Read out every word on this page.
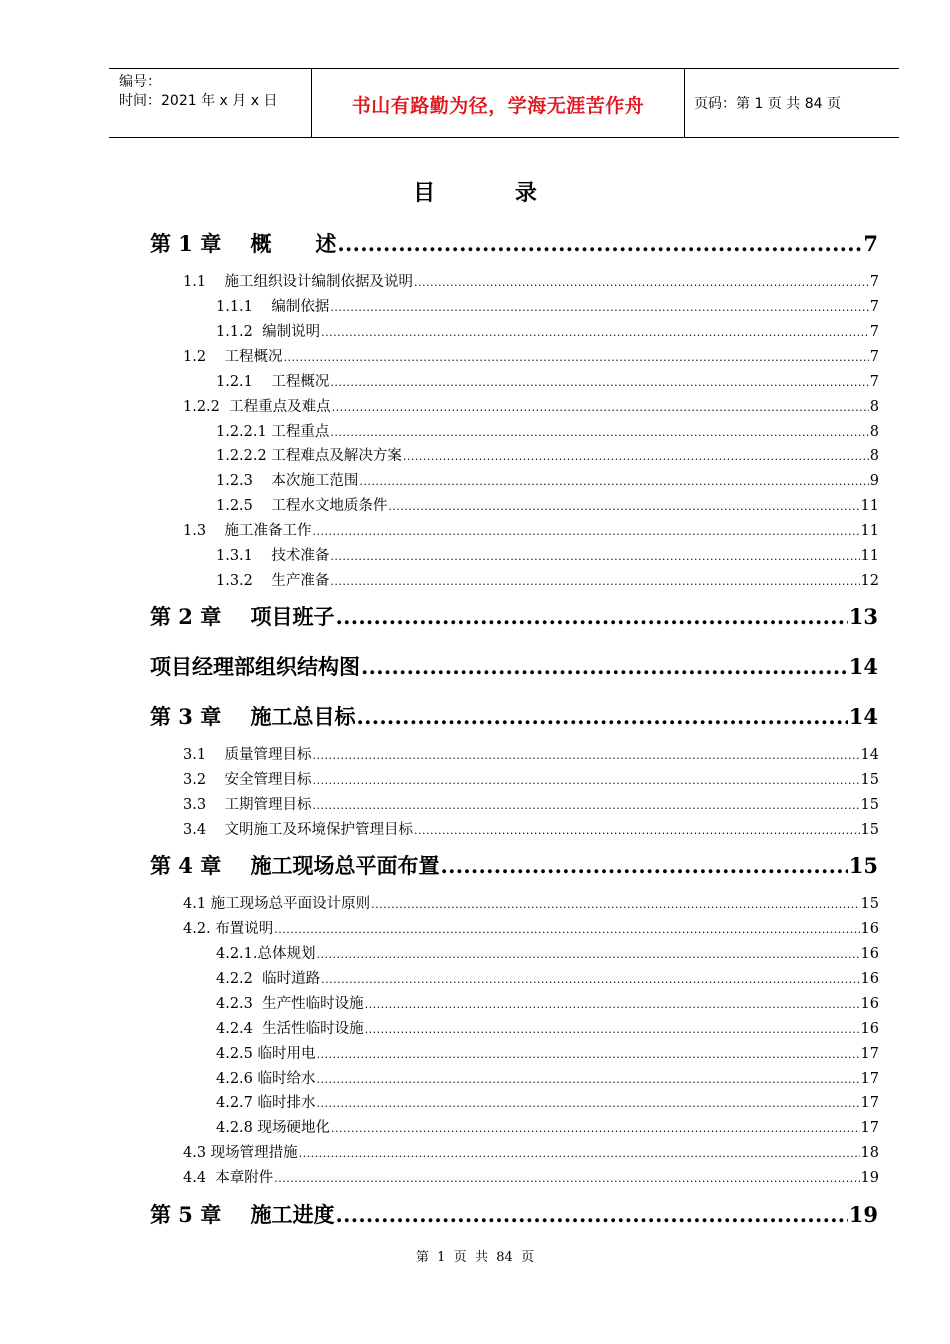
编号：
时间：2021 年 x 月 x 日	书山有路勤为径，学海无涯苦作舟	页码：第 1 页 共 84 页
目 录
第 1 章    概      述 .....	7
1.1    施工组织设计编制依据及说明 .....	7
1.1.1    编制依据 .....	7
1.1.2  编制说明 .....	7
1.2    工程概况 .....	7
1.2.1    工程概况 .....	7
1.2.2  工程重点及难点 .....	8
1.2.2.1 工程重点 .....	8
1.2.2.2 工程难点及解决方案 .....	8
1.2.3    本次施工范围 .....	9
1.2.5    工程水文地质条件 .....	11
1.3    施工准备工作 .....	11
1.3.1    技术准备 .....	11
1.3.2    生产准备 .....	12
第 2 章    项目班子 .....	13
项目经理部组织结构图 .....	14
第 3 章    施工总目标 .....	14
3.1    质量管理目标 .....	14
3.2    安全管理目标 .....	15
3.3    工期管理目标 .....	15
3.4    文明施工及环境保护管理目标 .....	15
第 4 章    施工现场总平面布置 .....	15
4.1 施工现场总平面设计原则 .....	15
4.2. 布置说明 .....	16
4.2.1.总体规划 .....	16
4.2.2  临时道路 .....	16
4.2.3  生产性临时设施 .....	16
4.2.4  生活性临时设施 .....	16
4.2.5 临时用电 .....	17
4.2.6 临时给水 .....	17
4.2.7 临时排水 .....	17
4.2.8 现场硬地化 .....	17
4.3 现场管理措施 .....	18
4.4  本章附件 .....	19
第 5 章    施工进度 .....	19
第  1  页  共  84  页
